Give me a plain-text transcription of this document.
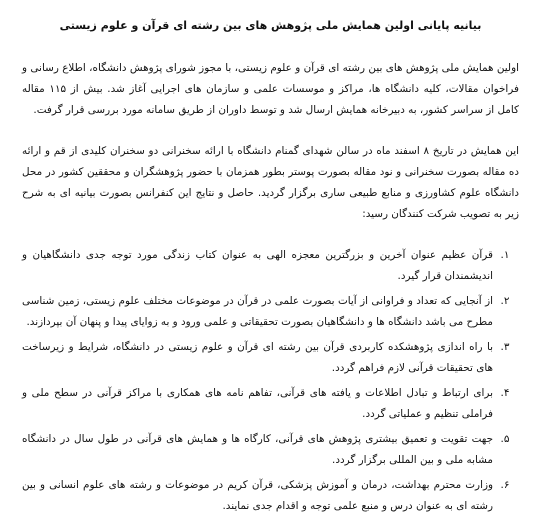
بیانیه پایانی اولین همایش ملی پژوهش های بین رشته ای قرآن و علوم زیستی

اولین همایش ملی پژوهش های بین رشته ای قرآن و علوم زیستی، با مجوز شورای پژوهش دانشگاه، اطلاع رسانی و فراخوان مقالات، کلیه دانشگاه ها، مراکز و موسسات علمی و سازمان های اجرایی آغاز شد. بیش از ۱۱۵ مقاله کامل از سراسر کشور، به دبیرخانه همایش ارسال شد و توسط داوران از طریق سامانه مورد بررسی قرار گرفت.

این همایش در تاریخ ۸ اسفند ماه در سالن شهدای گمنام دانشگاه با ارائه سخنرانی دو سخنران کلیدی از قم و ارائه ده مقاله بصورت سخنرانی و نود مقاله بصورت پوستر بطور همزمان با حضور پژوهشگران و محققین کشور در محل دانشگاه علوم کشاورزی و منابع طبیعی ساری برگزار گردید. حاصل و نتایج این کنفرانس بصورت بیانیه ای به شرح زیر به تصویب شرکت کنندگان رسید:

۱.
قرآن عظیم عنوان آخرین و بزرگترین معجزه الهی به عنوان کتاب زندگی مورد توجه جدی دانشگاهیان و اندیشمندان قرار گیرد.
۲.
از آنجایی که تعداد و فراوانی از آیات بصورت علمی در قرآن در موضوعات مختلف علوم زیستی، زمین شناسی مطرح می باشد دانشگاه ها و دانشگاهیان بصورت تحقیقاتی و علمی ورود و به زوایای پیدا و پنهان آن بپردازند.
۳.
با راه اندازی پژوهشکده کاربردی قرآن بین رشته ای قرآن و علوم زیستی در دانشگاه، شرایط و زیرساخت های تحقیقات قرآنی لازم فراهم گردد.
۴.
برای ارتباط و تبادل اطلاعات و یافته های قرآنی، تفاهم نامه های همکاری با مراکز قرآنی در سطح ملی و فراملی تنظیم و عملیاتی گردد.
۵.
جهت تقویت و تعمیق بیشتری پژوهش های قرآنی، کارگاه ها و همایش های قرآنی در طول سال در دانشگاه مشابه ملی و بین المللی برگزار گردد.
۶.
وزارت محترم بهداشت، درمان و آموزش پزشکی، قرآن کریم در موضوعات و رشته های علوم انسانی و بین رشته ای به عنوان درس و منبع علمی توجه و اقدام جدی نمایند.
